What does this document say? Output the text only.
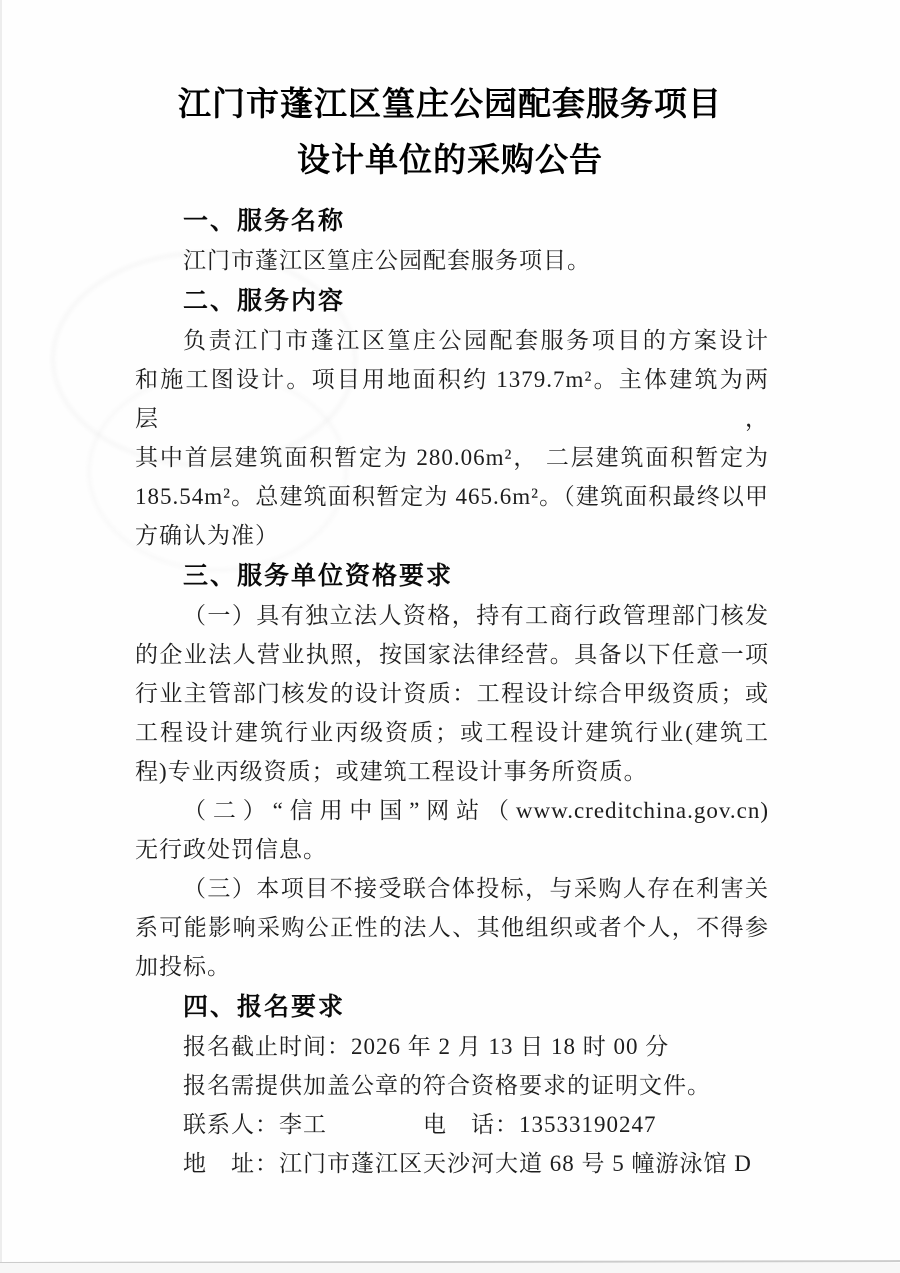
江门市蓬江区篁庄公园配套服务项目
设计单位的采购公告
一、服务名称
江门市蓬江区篁庄公园配套服务项目。
二、服务内容
负责江门市蓬江区篁庄公园配套服务项目的方案设计
和施工图设计。项目用地面积约 1379.7m²。主体建筑为两层，
其中首层建筑面积暂定为 280.06m²， 二层建筑面积暂定为
185.54m²。总建筑面积暂定为 465.6m²。（建筑面积最终以甲
方确认为准）
三、服务单位资格要求
（一）具有独立法人资格，持有工商行政管理部门核发
的企业法人营业执照，按国家法律经营。具备以下任意一项
行业主管部门核发的设计资质：工程设计综合甲级资质；或
工程设计建筑行业丙级资质；或工程设计建筑行业(建筑工
程)专业丙级资质；或建筑工程设计事务所资质。
（二）“信用中国”网站（www.creditchina.gov.cn)
无行政处罚信息。
（三）本项目不接受联合体投标，与采购人存在利害关
系可能影响采购公正性的法人、其他组织或者个人，不得参
加投标。
四、报名要求
报名截止时间：2026 年 2 月 13 日 18 时 00 分
报名需提供加盖公章的符合资格要求的证明文件。
联系人：李工　　　　电　话：13533190247
地　址：江门市蓬江区天沙河大道 68 号 5 幢游泳馆 D
